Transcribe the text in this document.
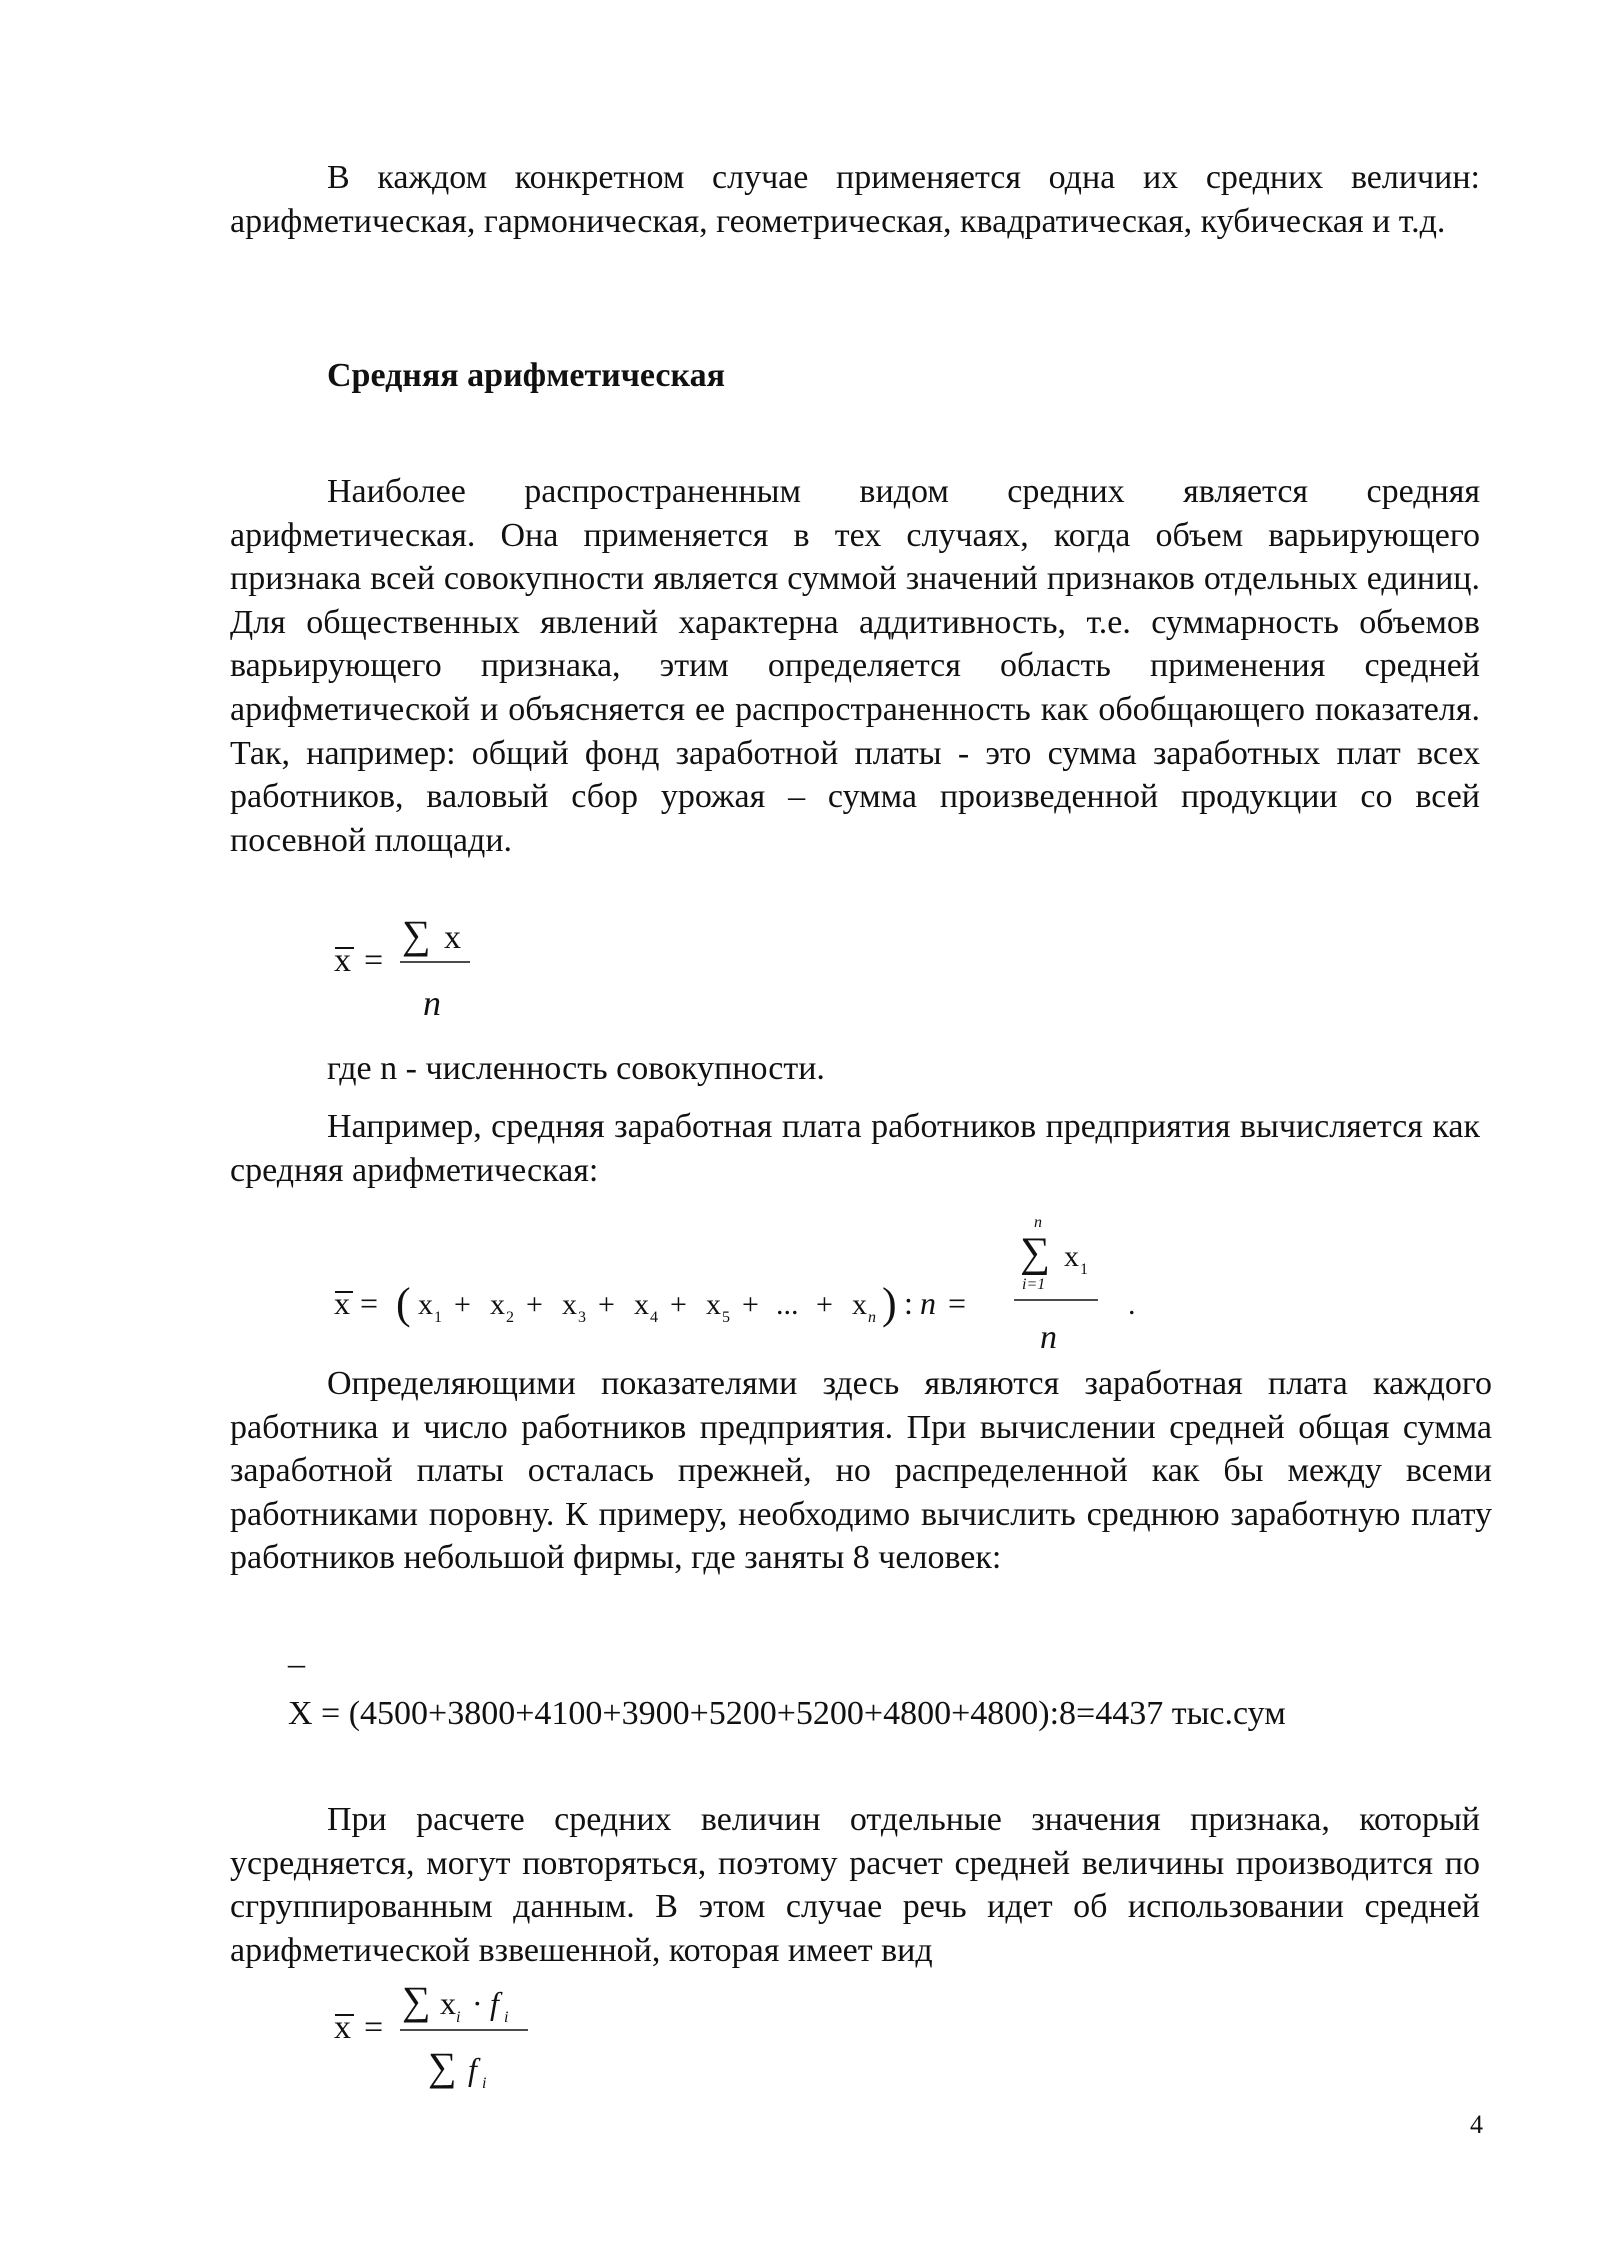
В каждом конкретном случае применяется одна их средних величин: арифметическая, гармоническая, геометрическая, квадратическая, кубическая и т.д.

Средняя арифметическая

Наиболее распространенным видом средних является средняя арифметическая. Она применяется в тех случаях, когда объем варьирующего признака всей совокупности является суммой значений признаков отдельных единиц. Для общественных явлений характерна аддитивность, т.е. суммарность объемов варьирующего признака, этим определяется область применения средней арифметической и объясняется ее распространенность как обобщающего показателя. Так, например: общий фонд заработной платы - это сумма заработных плат всех работников, валовый сбор урожая – сумма произведенной продукции со всей посевной площади.

x =
∑ x
n

где n - численность совокупности.

Например, средняя заработная плата работников предприятия вычисляется как средняя арифметическая:

x = ( x 1 + x 2 + x 3 + x 4 + x 5 + ... + x n ) : n =
n
∑
i=1
x 1
n
.

Определяющими показателями здесь являются заработная плата каждого работника и число работников предприятия. При вычислении средней общая сумма заработной платы осталась прежней, но распределенной как бы между всеми работниками поровну. К примеру, необходимо вычислить среднюю заработную плату работников небольшой фирмы, где заняты 8 человек:

_

X = (4500+3800+4100+3900+5200+5200+4800+4800):8=4437 тыс.сум

При расчете средних величин отдельные значения признака, который усредняется, могут повторяться, поэтому расчет средней величины производится по сгруппированным данным. В этом случае речь идет об использовании средней арифметической взвешенной, которая имеет вид

x =
∑ x i · f i
∑ f i
4
